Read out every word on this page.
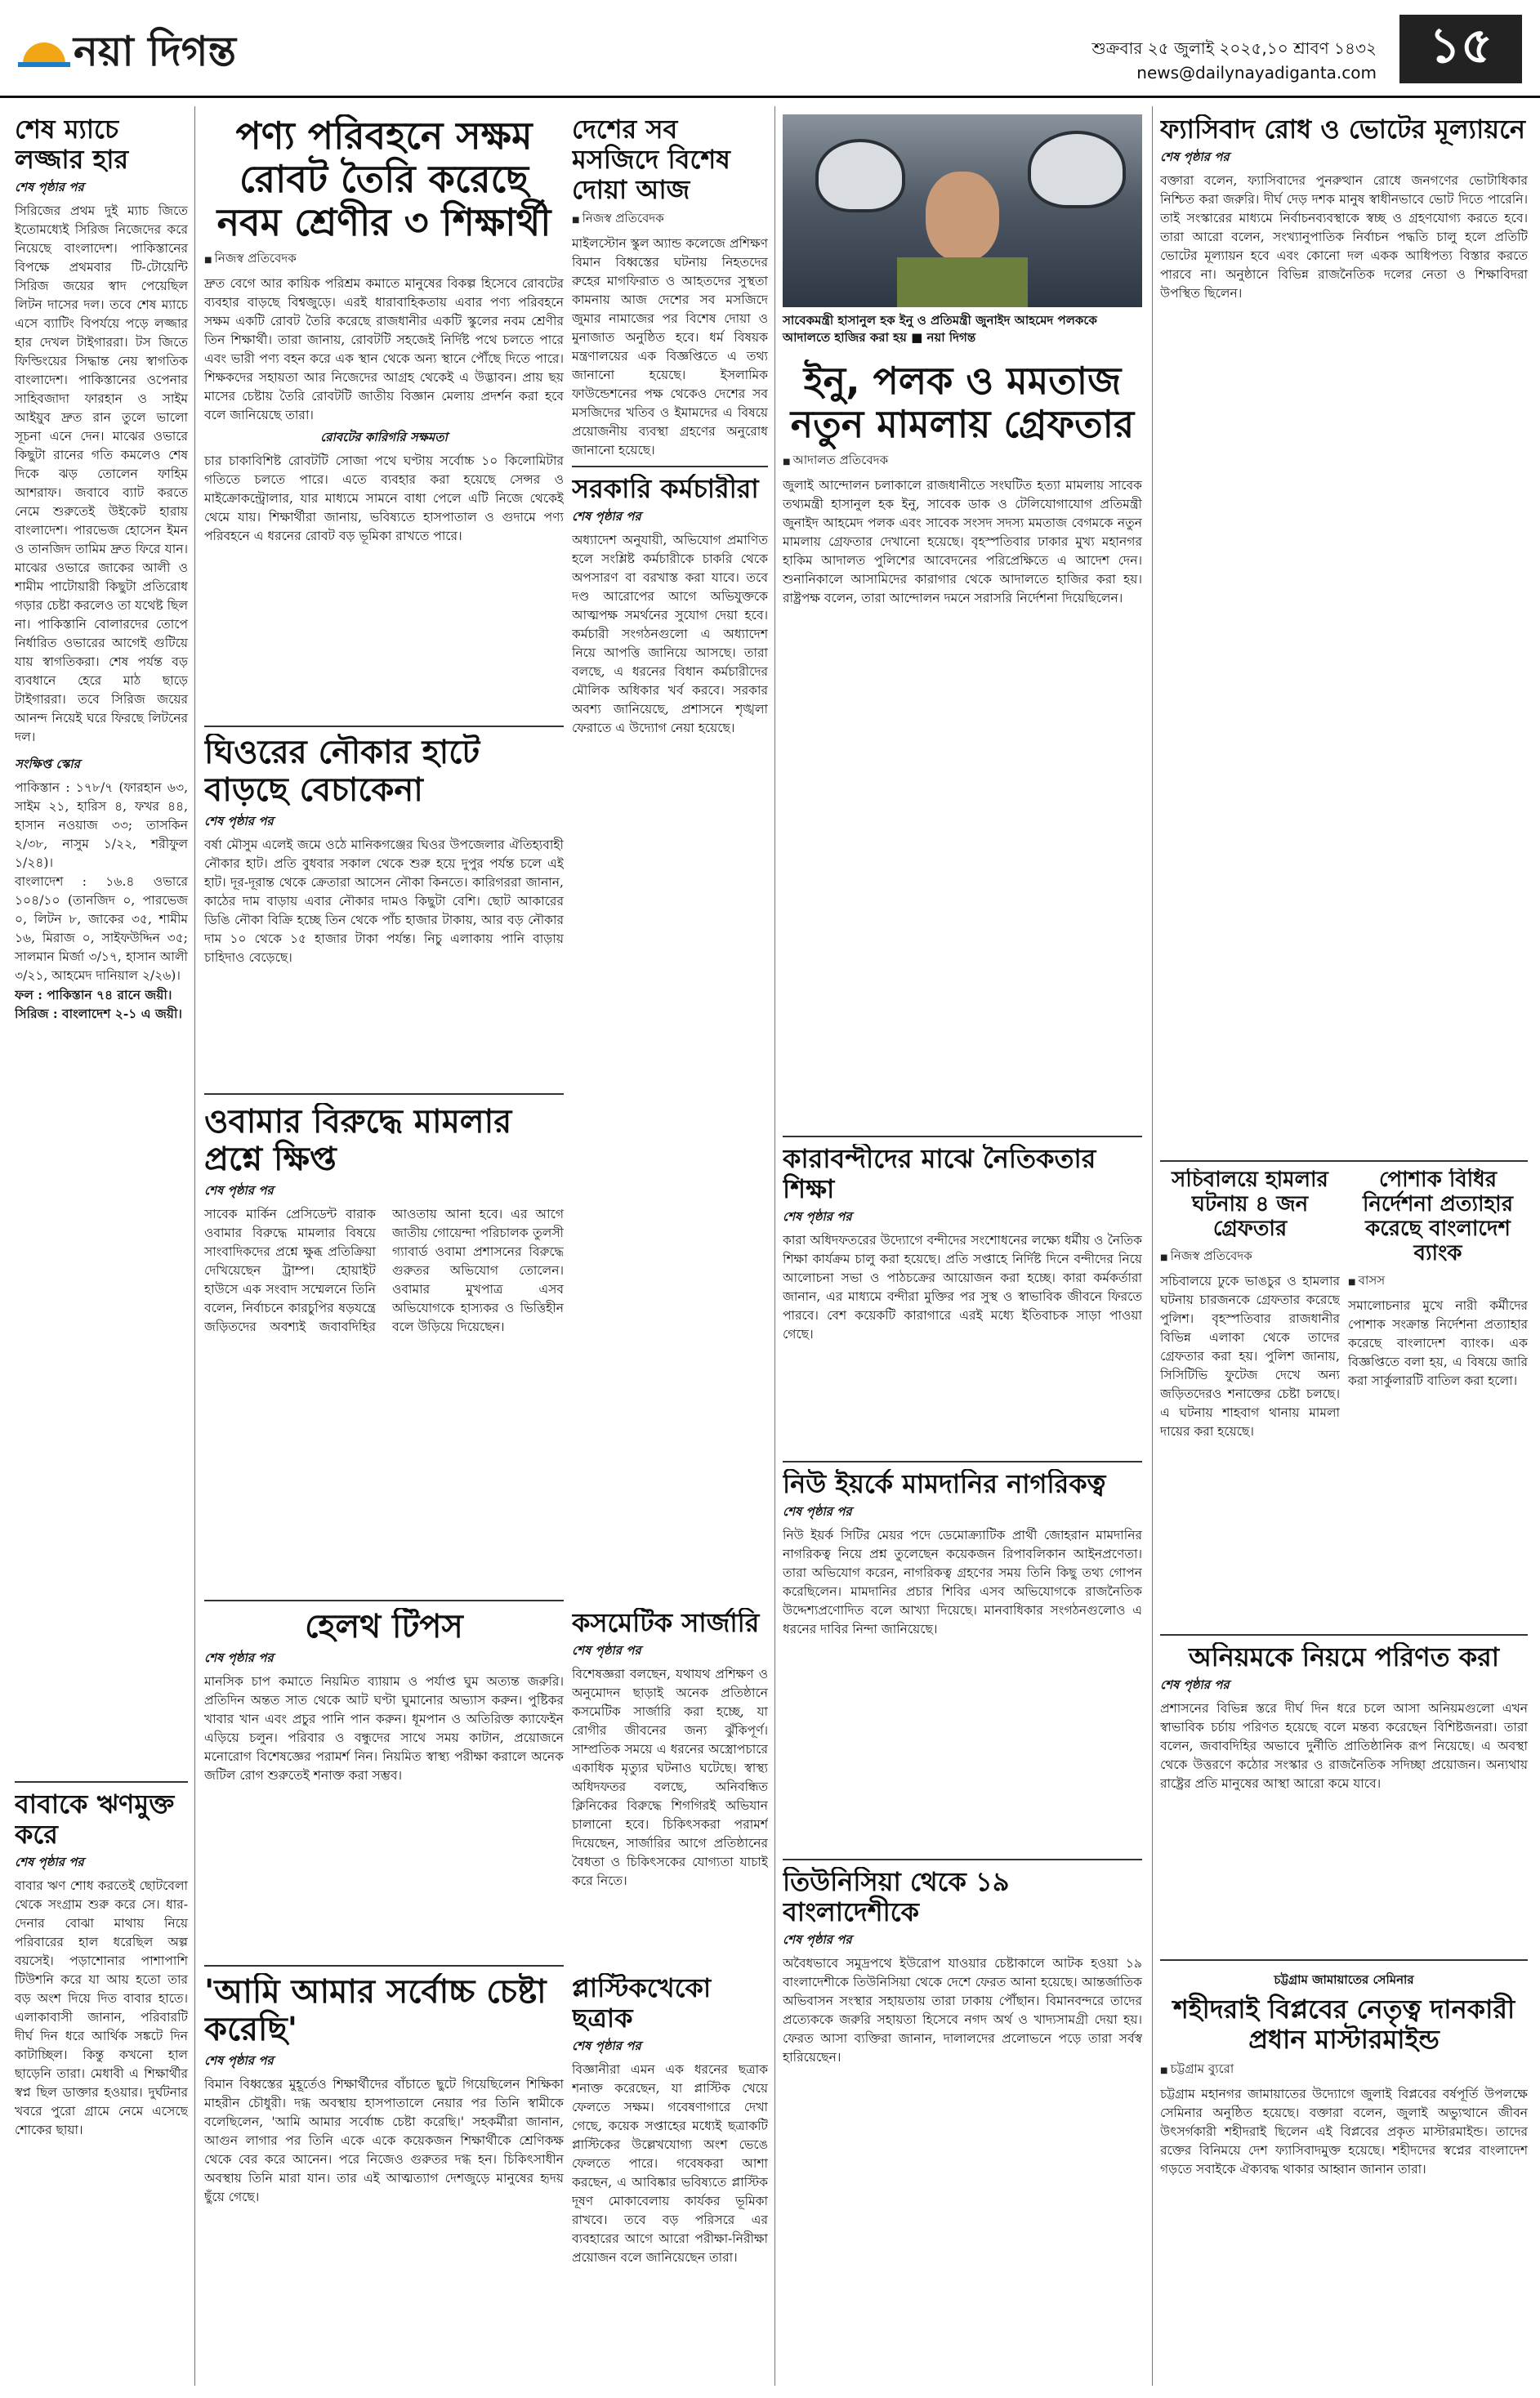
নয়া দিগন্ত	শুক্রবার ২৫ জুলাই ২০২৫,১০ শ্রাবণ ১৪৩২
news@dailynayadiganta.com	১৫
শেষ ম্যাচে লজ্জার হার
শেষ পৃষ্ঠার পর

সিরিজের প্রথম দুই ম্যাচ জিতে ইতোমধ্যেই সিরিজ নিজেদের করে নিয়েছে বাংলাদেশ। পাকিস্তানের বিপক্ষে প্রথমবার টি-টোয়েন্টি সিরিজ জয়ের স্বাদ পেয়েছিল লিটন দাসের দল। তবে শেষ ম্যাচে এসে ব্যাটিং বিপর্যয়ে পড়ে লজ্জার হার দেখল টাইগাররা। টস জিতে ফিল্ডিংয়ের সিদ্ধান্ত নেয় স্বাগতিক বাংলাদেশ। পাকিস্তানের ওপেনার সাহিবজাদা ফারহান ও সাইম আইয়ুব দ্রুত রান তুলে ভালো সূচনা এনে দেন। মাঝের ওভারে কিছুটা রানের গতি কমলেও শেষ দিকে ঝড় তোলেন ফাহিম আশরাফ। জবাবে ব্যাট করতে নেমে শুরুতেই উইকেট হারায় বাংলাদেশ। পারভেজ হোসেন ইমন ও তানজিদ তামিম দ্রুত ফিরে যান। মাঝের ওভারে জাকের আলী ও শামীম পাটোয়ারী কিছুটা প্রতিরোধ গড়ার চেষ্টা করলেও তা যথেষ্ট ছিল না। পাকিস্তানি বোলারদের তোপে নির্ধারিত ওভারের আগেই গুটিয়ে যায় স্বাগতিকরা। শেষ পর্যন্ত বড় ব্যবধানে হেরে মাঠ ছাড়ে টাইগাররা। তবে সিরিজ জয়ের আনন্দ নিয়েই ঘরে ফিরছে লিটনের দল।

সংক্ষিপ্ত স্কোর

পাকিস্তান : ১৭৮/৭ (ফারহান ৬৩, সাইম ২১, হারিস ৪, ফখর ৪৪, হাসান নওয়াজ ৩৩; তাসকিন ২/৩৮, নাসুম ১/২২, শরীফুল ১/২৪)।

বাংলাদেশ : ১৬.৪ ওভারে ১০৪/১০ (তানজিদ ০, পারভেজ ০, লিটন ৮, জাকের ৩৫, শামীম ১৬, মিরাজ ০, সাইফউদ্দিন ৩৫; সালমান মির্জা ৩/১৭, হাসান আলী ৩/২১, আহমেদ দানিয়াল ২/২৬)।

ফল : পাকিস্তান ৭৪ রানে জয়ী।

সিরিজ : বাংলাদেশ ২-১ এ জয়ী।

বাবাকে ঋণমুক্ত করে
শেষ পৃষ্ঠার পর

বাবার ঋণ শোধ করতেই ছোটবেলা থেকে সংগ্রাম শুরু করে সে। ধার-দেনার বোঝা মাথায় নিয়ে পরিবারের হাল ধরেছিল অল্প বয়সেই। পড়াশোনার পাশাপাশি টিউশনি করে যা আয় হতো তার বড় অংশ দিয়ে দিত বাবার হাতে। এলাকাবাসী জানান, পরিবারটি দীর্ঘ দিন ধরে আর্থিক সঙ্কটে দিন কাটাচ্ছিল। কিন্তু কখনো হাল ছাড়েনি তারা। মেধাবী এ শিক্ষার্থীর স্বপ্ন ছিল ডাক্তার হওয়ার। দুর্ঘটনার খবরে পুরো গ্রামে নেমে এসেছে শোকের ছায়া।

পণ্য পরিবহনে সক্ষম রোবট তৈরি করেছে নবম শ্রেণীর ৩ শিক্ষার্থী
■ নিজস্ব প্রতিবেদক

দ্রুত বেগে আর কায়িক পরিশ্রম কমাতে মানুষের বিকল্প হিসেবে রোবটের ব্যবহার বাড়ছে বিশ্বজুড়ে। এরই ধারাবাহিকতায় এবার পণ্য পরিবহনে সক্ষম একটি রোবট তৈরি করেছে রাজধানীর একটি স্কুলের নবম শ্রেণীর তিন শিক্ষার্থী। তারা জানায়, রোবটটি সহজেই নির্দিষ্ট পথে চলতে পারে এবং ভারী পণ্য বহন করে এক স্থান থেকে অন্য স্থানে পৌঁছে দিতে পারে। শিক্ষকদের সহায়তা আর নিজেদের আগ্রহ থেকেই এ উদ্ভাবন। প্রায় ছয় মাসের চেষ্টায় তৈরি রোবটটি জাতীয় বিজ্ঞান মেলায় প্রদর্শন করা হবে বলে জানিয়েছে তারা।

রোবটের কারিগরি সক্ষমতা

চার চাকাবিশিষ্ট রোবটটি সোজা পথে ঘণ্টায় সর্বোচ্চ ১০ কিলোমিটার গতিতে চলতে পারে। এতে ব্যবহার করা হয়েছে সেন্সর ও মাইক্রোকন্ট্রোলার, যার মাধ্যমে সামনে বাধা পেলে এটি নিজে থেকেই থেমে যায়। শিক্ষার্থীরা জানায়, ভবিষ্যতে হাসপাতাল ও গুদামে পণ্য পরিবহনে এ ধরনের রোবট বড় ভূমিকা রাখতে পারে।

ঘিওরের নৌকার হাটে বাড়ছে বেচাকেনা
শেষ পৃষ্ঠার পর

বর্ষা মৌসুম এলেই জমে ওঠে মানিকগঞ্জের ঘিওর উপজেলার ঐতিহ্যবাহী নৌকার হাট। প্রতি বুধবার সকাল থেকে শুরু হয়ে দুপুর পর্যন্ত চলে এই হাট। দূর-দূরান্ত থেকে ক্রেতারা আসেন নৌকা কিনতে। কারিগররা জানান, কাঠের দাম বাড়ায় এবার নৌকার দামও কিছুটা বেশি। ছোট আকারের ডিঙি নৌকা বিক্রি হচ্ছে তিন থেকে পাঁচ হাজার টাকায়, আর বড় নৌকার দাম ১০ থেকে ১৫ হাজার টাকা পর্যন্ত। নিচু এলাকায় পানি বাড়ায় চাহিদাও বেড়েছে।

ওবামার বিরুদ্ধে মামলার প্রশ্নে ক্ষিপ্ত
শেষ পৃষ্ঠার পর

সাবেক মার্কিন প্রেসিডেন্ট বারাক ওবামার বিরুদ্ধে মামলার বিষয়ে সাংবাদিকদের প্রশ্নে ক্ষুব্ধ প্রতিক্রিয়া দেখিয়েছেন ট্রাম্প। হোয়াইট হাউসে এক সংবাদ সম্মেলনে তিনি বলেন, নির্বাচনে কারচুপির ষড়যন্ত্রে জড়িতদের অবশ্যই জবাবদিহির আওতায় আনা হবে। এর আগে জাতীয় গোয়েন্দা পরিচালক তুলসী গ্যাবার্ড ওবামা প্রশাসনের বিরুদ্ধে গুরুতর অভিযোগ তোলেন। ওবামার মুখপাত্র এসব অভিযোগকে হাস্যকর ও ভিত্তিহীন বলে উড়িয়ে দিয়েছেন।

হেলথ টিপস
শেষ পৃষ্ঠার পর

মানসিক চাপ কমাতে নিয়মিত ব্যায়াম ও পর্যাপ্ত ঘুম অত্যন্ত জরুরি। প্রতিদিন অন্তত সাত থেকে আট ঘণ্টা ঘুমানোর অভ্যাস করুন। পুষ্টিকর খাবার খান এবং প্রচুর পানি পান করুন। ধূমপান ও অতিরিক্ত ক্যাফেইন এড়িয়ে চলুন। পরিবার ও বন্ধুদের সাথে সময় কাটান, প্রয়োজনে মনোরোগ বিশেষজ্ঞের পরামর্শ নিন। নিয়মিত স্বাস্থ্য পরীক্ষা করালে অনেক জটিল রোগ শুরুতেই শনাক্ত করা সম্ভব।

'আমি আমার সর্বোচ্চ চেষ্টা করেছি'
শেষ পৃষ্ঠার পর

বিমান বিধ্বস্তের মুহূর্তেও শিক্ষার্থীদের বাঁচাতে ছুটে গিয়েছিলেন শিক্ষিকা মাহরীন চৌধুরী। দগ্ধ অবস্থায় হাসপাতালে নেয়ার পর তিনি স্বামীকে বলেছিলেন, 'আমি আমার সর্বোচ্চ চেষ্টা করেছি।' সহকর্মীরা জানান, আগুন লাগার পর তিনি একে একে কয়েকজন শিক্ষার্থীকে শ্রেণিকক্ষ থেকে বের করে আনেন। পরে নিজেও গুরুতর দগ্ধ হন। চিকিৎসাধীন অবস্থায় তিনি মারা যান। তার এই আত্মত্যাগ দেশজুড়ে মানুষের হৃদয় ছুঁয়ে গেছে।

দেশের সব মসজিদে বিশেষ দোয়া আজ
■ নিজস্ব প্রতিবেদক

মাইলস্টোন স্কুল অ্যান্ড কলেজে প্রশিক্ষণ বিমান বিধ্বস্তের ঘটনায় নিহতদের রুহের মাগফিরাত ও আহতদের সুস্থতা কামনায় আজ দেশের সব মসজিদে জুমার নামাজের পর বিশেষ দোয়া ও মুনাজাত অনুষ্ঠিত হবে। ধর্ম বিষয়ক মন্ত্রণালয়ের এক বিজ্ঞপ্তিতে এ তথ্য জানানো হয়েছে। ইসলামিক ফাউন্ডেশনের পক্ষ থেকেও দেশের সব মসজিদের খতিব ও ইমামদের এ বিষয়ে প্রয়োজনীয় ব্যবস্থা গ্রহণের অনুরোধ জানানো হয়েছে।

সরকারি কর্মচারীরা
শেষ পৃষ্ঠার পর

অধ্যাদেশ অনুযায়ী, অভিযোগ প্রমাণিত হলে সংশ্লিষ্ট কর্মচারীকে চাকরি থেকে অপসারণ বা বরখাস্ত করা যাবে। তবে দণ্ড আরোপের আগে অভিযুক্তকে আত্মপক্ষ সমর্থনের সুযোগ দেয়া হবে। কর্মচারী সংগঠনগুলো এ অধ্যাদেশ নিয়ে আপত্তি জানিয়ে আসছে। তারা বলছে, এ ধরনের বিধান কর্মচারীদের মৌলিক অধিকার খর্ব করবে। সরকার অবশ্য জানিয়েছে, প্রশাসনে শৃঙ্খলা ফেরাতে এ উদ্যোগ নেয়া হয়েছে।

সাবেকমন্ত্রী হাসানুল হক ইনু ও প্রতিমন্ত্রী জুনাইদ আহমেদ পলককে আদালতে হাজির করা হয় ■ নয়া দিগন্ত
ইনু, পলক ও মমতাজ নতুন মামলায় গ্রেফতার
■ আদালত প্রতিবেদক

জুলাই আন্দোলন চলাকালে রাজধানীতে সংঘটিত হত্যা মামলায় সাবেক তথ্যমন্ত্রী হাসানুল হক ইনু, সাবেক ডাক ও টেলিযোগাযোগ প্রতিমন্ত্রী জুনাইদ আহমেদ পলক এবং সাবেক সংসদ সদস্য মমতাজ বেগমকে নতুন মামলায় গ্রেফতার দেখানো হয়েছে। বৃহস্পতিবার ঢাকার মুখ্য মহানগর হাকিম আদালত পুলিশের আবেদনের পরিপ্রেক্ষিতে এ আদেশ দেন। শুনানিকালে আসামিদের কারাগার থেকে আদালতে হাজির করা হয়। রাষ্ট্রপক্ষ বলেন, তারা আন্দোলন দমনে সরাসরি নির্দেশনা দিয়েছিলেন।

কারাবন্দীদের মাঝে নৈতিকতার শিক্ষা
শেষ পৃষ্ঠার পর

কারা অধিদফতরের উদ্যোগে বন্দীদের সংশোধনের লক্ষ্যে ধর্মীয় ও নৈতিক শিক্ষা কার্যক্রম চালু করা হয়েছে। প্রতি সপ্তাহে নির্দিষ্ট দিনে বন্দীদের নিয়ে আলোচনা সভা ও পাঠচক্রের আয়োজন করা হচ্ছে। কারা কর্মকর্তারা জানান, এর মাধ্যমে বন্দীরা মুক্তির পর সুস্থ ও স্বাভাবিক জীবনে ফিরতে পারবে। বেশ কয়েকটি কারাগারে এরই মধ্যে ইতিবাচক সাড়া পাওয়া গেছে।

নিউ ইয়র্কে মামদানির নাগরিকত্ব
শেষ পৃষ্ঠার পর

নিউ ইয়র্ক সিটির মেয়র পদে ডেমোক্র্যাটিক প্রার্থী জোহরান মামদানির নাগরিকত্ব নিয়ে প্রশ্ন তুলেছেন কয়েকজন রিপাবলিকান আইনপ্রণেতা। তারা অভিযোগ করেন, নাগরিকত্ব গ্রহণের সময় তিনি কিছু তথ্য গোপন করেছিলেন। মামদানির প্রচার শিবির এসব অভিযোগকে রাজনৈতিক উদ্দেশ্যপ্রণোদিত বলে আখ্যা দিয়েছে। মানবাধিকার সংগঠনগুলোও এ ধরনের দাবির নিন্দা জানিয়েছে।

তিউনিসিয়া থেকে ১৯ বাংলাদেশীকে
শেষ পৃষ্ঠার পর

অবৈধভাবে সমুদ্রপথে ইউরোপ যাওয়ার চেষ্টাকালে আটক হওয়া ১৯ বাংলাদেশীকে তিউনিসিয়া থেকে দেশে ফেরত আনা হয়েছে। আন্তর্জাতিক অভিবাসন সংস্থার সহায়তায় তারা ঢাকায় পৌঁছান। বিমানবন্দরে তাদের প্রত্যেককে জরুরি সহায়তা হিসেবে নগদ অর্থ ও খাদ্যসামগ্রী দেয়া হয়। ফেরত আসা ব্যক্তিরা জানান, দালালদের প্রলোভনে পড়ে তারা সর্বস্ব হারিয়েছেন।

ফ্যাসিবাদ রোধ ও ভোটের মূল্যায়নে
শেষ পৃষ্ঠার পর

বক্তারা বলেন, ফ্যাসিবাদের পুনরুত্থান রোধে জনগণের ভোটাধিকার নিশ্চিত করা জরুরি। দীর্ঘ দেড় দশক মানুষ স্বাধীনভাবে ভোট দিতে পারেনি। তাই সংস্কারের মাধ্যমে নির্বাচনব্যবস্থাকে স্বচ্ছ ও গ্রহণযোগ্য করতে হবে। তারা আরো বলেন, সংখ্যানুপাতিক নির্বাচন পদ্ধতি চালু হলে প্রতিটি ভোটের মূল্যায়ন হবে এবং কোনো দল একক আধিপত্য বিস্তার করতে পারবে না। অনুষ্ঠানে বিভিন্ন রাজনৈতিক দলের নেতা ও শিক্ষাবিদরা উপস্থিত ছিলেন।

সচিবালয়ে হামলার ঘটনায় ৪ জন গ্রেফতার
■ নিজস্ব প্রতিবেদক

সচিবালয়ে ঢুকে ভাঙচুর ও হামলার ঘটনায় চারজনকে গ্রেফতার করেছে পুলিশ। বৃহস্পতিবার রাজধানীর বিভিন্ন এলাকা থেকে তাদের গ্রেফতার করা হয়। পুলিশ জানায়, সিসিটিভি ফুটেজ দেখে অন্য জড়িতদেরও শনাক্তের চেষ্টা চলছে। এ ঘটনায় শাহবাগ থানায় মামলা দায়ের করা হয়েছে।

পোশাক বিধির নির্দেশনা প্রত্যাহার করেছে বাংলাদেশ ব্যাংক
■ বাসস

সমালোচনার মুখে নারী কর্মীদের পোশাক সংক্রান্ত নির্দেশনা প্রত্যাহার করেছে বাংলাদেশ ব্যাংক। এক বিজ্ঞপ্তিতে বলা হয়, এ বিষয়ে জারি করা সার্কুলারটি বাতিল করা হলো।

অনিয়মকে নিয়মে পরিণত করা
শেষ পৃষ্ঠার পর

প্রশাসনের বিভিন্ন স্তরে দীর্ঘ দিন ধরে চলে আসা অনিয়মগুলো এখন স্বাভাবিক চর্চায় পরিণত হয়েছে বলে মন্তব্য করেছেন বিশিষ্টজনরা। তারা বলেন, জবাবদিহির অভাবে দুর্নীতি প্রাতিষ্ঠানিক রূপ নিয়েছে। এ অবস্থা থেকে উত্তরণে কঠোর সংস্কার ও রাজনৈতিক সদিচ্ছা প্রয়োজন। অন্যথায় রাষ্ট্রের প্রতি মানুষের আস্থা আরো কমে যাবে।

চট্টগ্রাম জামায়াতের সেমিনার
শহীদরাই বিপ্লবের নেতৃত্ব দানকারী প্রধান মাস্টারমাইন্ড
■ চট্টগ্রাম ব্যুরো

চট্টগ্রাম মহানগর জামায়াতের উদ্যোগে জুলাই বিপ্লবের বর্ষপূর্তি উপলক্ষে সেমিনার অনুষ্ঠিত হয়েছে। বক্তারা বলেন, জুলাই অভ্যুত্থানে জীবন উৎসর্গকারী শহীদরাই ছিলেন এই বিপ্লবের প্রকৃত মাস্টারমাইন্ড। তাদের রক্তের বিনিময়ে দেশ ফ্যাসিবাদমুক্ত হয়েছে। শহীদদের স্বপ্নের বাংলাদেশ গড়তে সবাইকে ঐক্যবদ্ধ থাকার আহ্বান জানান তারা।

কসমেটিক সার্জারি
শেষ পৃষ্ঠার পর

বিশেষজ্ঞরা বলছেন, যথাযথ প্রশিক্ষণ ও অনুমোদন ছাড়াই অনেক প্রতিষ্ঠানে কসমেটিক সার্জারি করা হচ্ছে, যা রোগীর জীবনের জন্য ঝুঁকিপূর্ণ। সাম্প্রতিক সময়ে এ ধরনের অস্ত্রোপচারে একাধিক মৃত্যুর ঘটনাও ঘটেছে। স্বাস্থ্য অধিদফতর বলছে, অনিবন্ধিত ক্লিনিকের বিরুদ্ধে শিগগিরই অভিযান চালানো হবে। চিকিৎসকরা পরামর্শ দিয়েছেন, সার্জারির আগে প্রতিষ্ঠানের বৈধতা ও চিকিৎসকের যোগ্যতা যাচাই করে নিতে।

প্লাস্টিকখেকো ছত্রাক
শেষ পৃষ্ঠার পর

বিজ্ঞানীরা এমন এক ধরনের ছত্রাক শনাক্ত করেছেন, যা প্লাস্টিক খেয়ে ফেলতে সক্ষম। গবেষণাগারে দেখা গেছে, কয়েক সপ্তাহের মধ্যেই ছত্রাকটি প্লাস্টিকের উল্লেখযোগ্য অংশ ভেঙে ফেলতে পারে। গবেষকরা আশা করছেন, এ আবিষ্কার ভবিষ্যতে প্লাস্টিক দূষণ মোকাবেলায় কার্যকর ভূমিকা রাখবে। তবে বড় পরিসরে এর ব্যবহারের আগে আরো পরীক্ষা-নিরীক্ষা প্রয়োজন বলে জানিয়েছেন তারা।
